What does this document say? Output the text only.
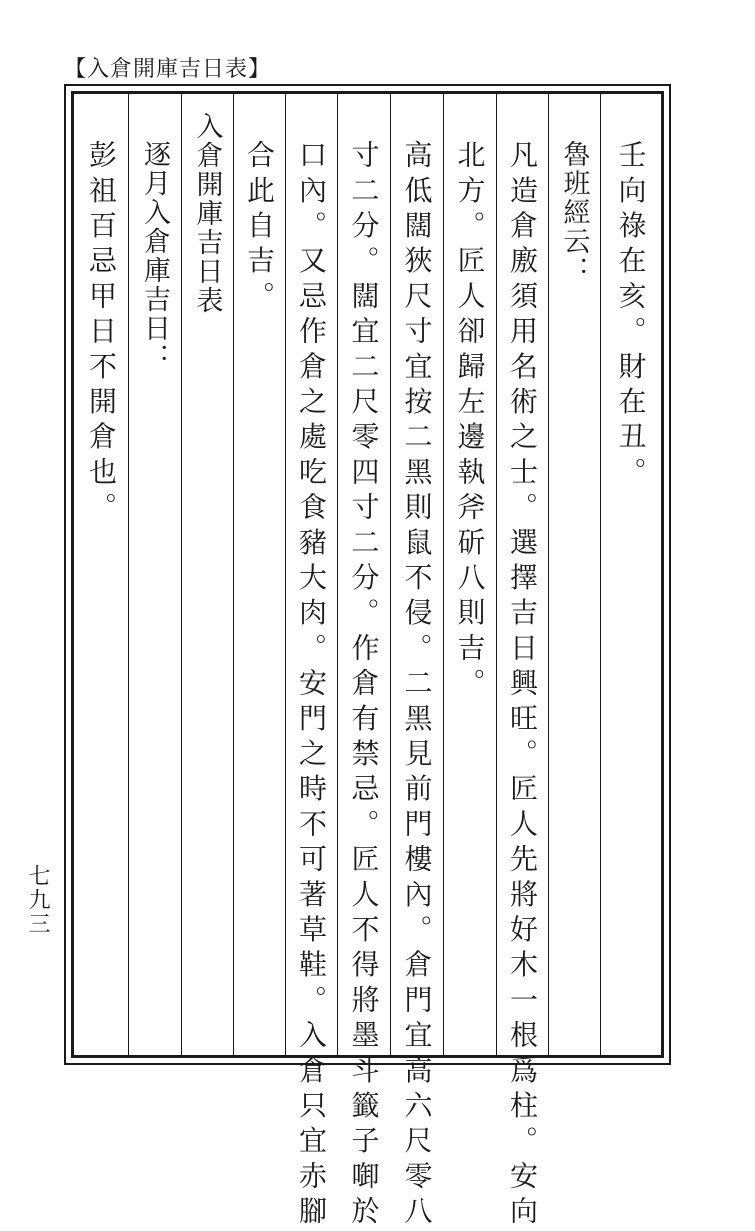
【入倉開庫吉日表】
壬向祿在亥。財在丑。
魯班經云：
凡造倉廒須用名術之士。選擇吉日興旺。匠人先將好木一根爲柱。安向
北方。匠人卻歸左邊執斧斫八則吉。
高低闊狹尺寸宜按二黑則鼠不侵。二黑見前門樓內。倉門宜高六尺零八
寸二分。闊宜二尺零四寸二分。作倉有禁忌。匠人不得將墨斗籤子啣於
口內。又忌作倉之處吃食豬大肉。安門之時不可著草鞋。入倉只宜赤腳
合此自吉。
入倉開庫吉日表
逐月入倉庫吉日：
彭祖百忌甲日不開倉也。
七九三
